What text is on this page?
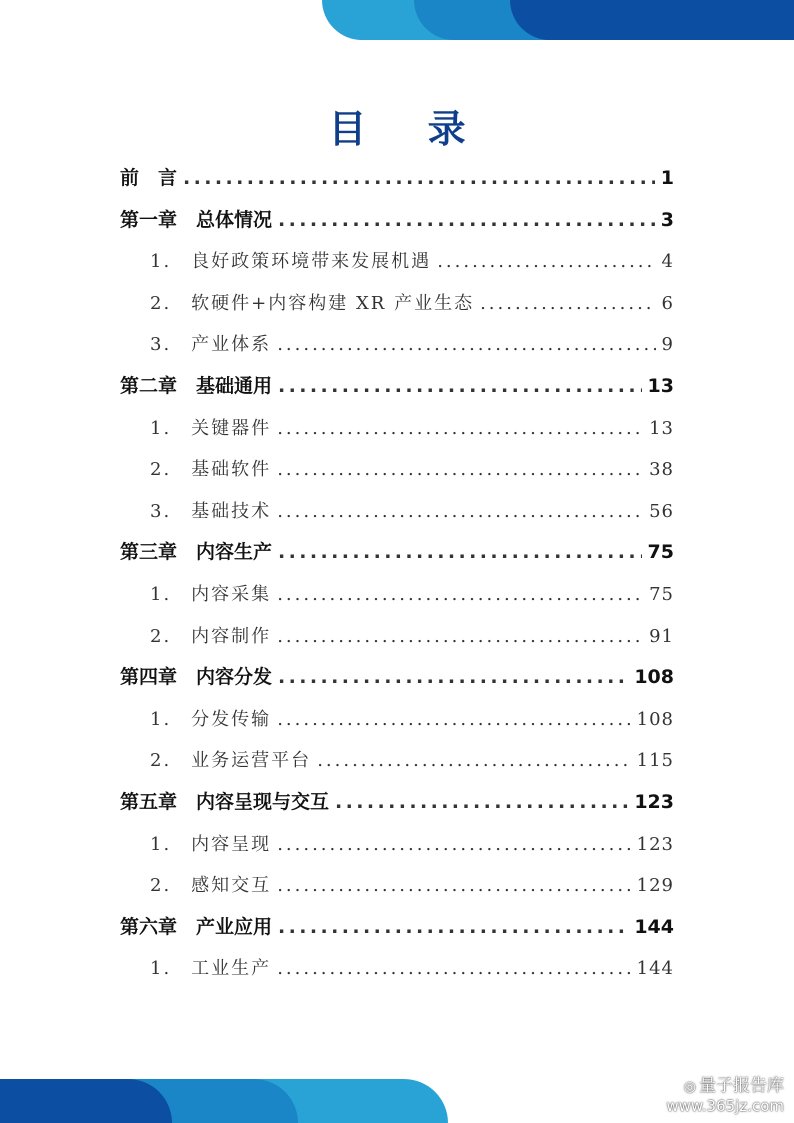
目 录
前　言 .....	1
第一章　总体情况 .....	3
1.　良好政策环境带来发展机遇 .....	4
2.　软硬件+内容构建 XR 产业生态 .....	6
3.　产业体系 .....	9
第二章　基础通用 .....	13
1.　关键器件 .....	13
2.　基础软件 .....	38
3.　基础技术 .....	56
第三章　内容生产 .....	75
1.　内容采集 .....	75
2.　内容制作 .....	91
第四章　内容分发 .....	108
1.　分发传输 .....	108
2.　业务运营平台 .....	115
第五章　内容呈现与交互 .....	123
1.　内容呈现 .....	123
2.　感知交互 .....	129
第六章　产业应用 .....	144
1.　工业生产 .....	144
◎ 量子报告库
www.365jz.com
